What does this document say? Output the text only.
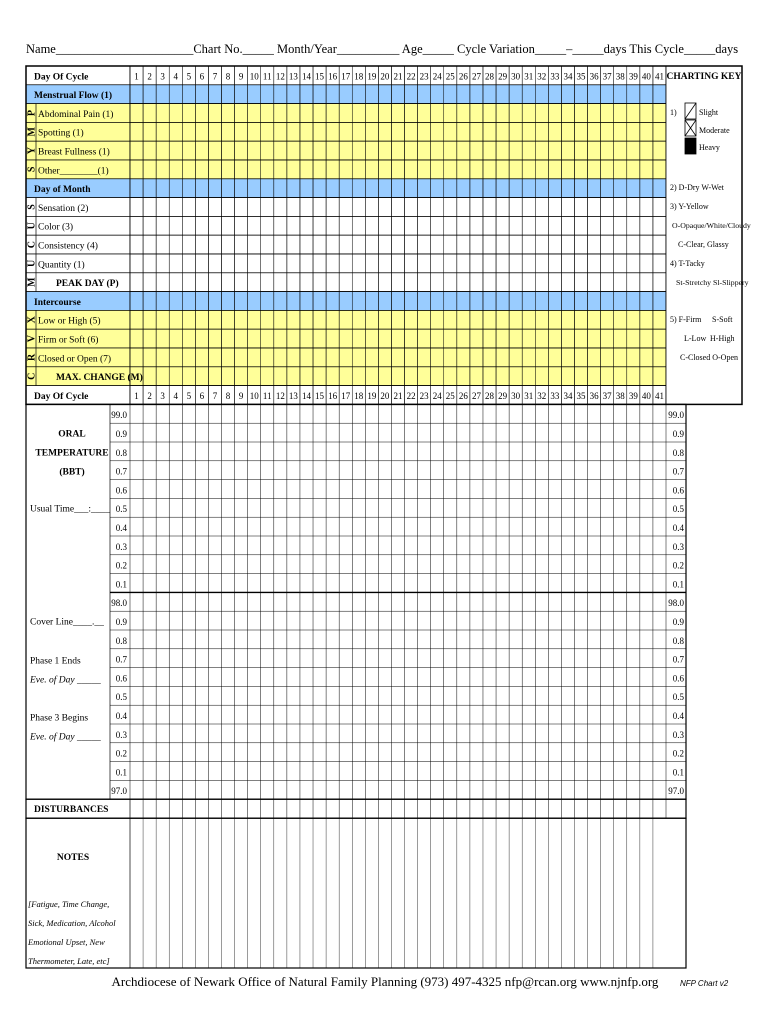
Name______________________Chart No._____ Month/Year__________ Age_____ Cycle Variation_____–_____days This Cycle_____days
Day Of Cycle	1 2 3 4 5 6 7 8 9 10 11 12 13 14 15 16 17 18 19 20 21 22 23 24 25 26 27 28 29 30 31 32 33 34 35 36 37 38 39 40 41
Menstrual Flow (1)
Abdominal Pain (1)
Spotting (1)
Breast Fullness (1)
Other________(1)
Day of Month
Sensation (2)
Color (3)
Consistency (4)
Quantity (1)
PEAK DAY (P)
Intercourse
Low or High (5)
Firm or Soft (6)
Closed or Open (7)
MAX. CHANGE (M)
Day Of Cycle	1 2 3 4 5 6 7 8 9 10 11 12 13 14 15 16 17 18 19 20 21 22 23 24 25 26 27 28 29 30 31 32 33 34 35 36 37 38 39 40 41
P
M
Y
S
S
U
C
U
M
X
V
R
C
CHARTING KEY
1)	Slight
Moderate
Heavy
2) D-Dry W-Wet
3) Y-Yellow
O-Opaque/White/Cloudy
C-Clear, Glassy
4) T-Tacky
St-Stretchy Sl-Slippery
5) F-Firm S-Soft
L-Low H-High
C-Closed O-Open
99.0	99.0
0.9	0.9
0.8	0.8
0.7	0.7
0.6	0.6
0.5	0.5
0.4	0.4
0.3	0.3
0.2	0.2
0.1	0.1
98.0	98.0
0.9	0.9
0.8	0.8
0.7	0.7
0.6	0.6
0.5	0.5
0.4	0.4
0.3	0.3
0.2	0.2
0.1	0.1
97.0	97.0
ORAL
TEMPERATURE
(BBT)
Usual Time___:____
Cover Line____.__
Phase 1 Ends
Eve. of Day _____
Phase 3 Begins
Eve. of Day _____
DISTURBANCES
NOTES
[Fatigue, Time Change,
Sick, Medication, Alcohol
Emotional Upset, New
Thermometer, Late, etc]
Archdiocese of Newark Office of Natural Family Planning (973) 497-4325 nfp@rcan.org www.njnfp.org	NFP Chart v2
